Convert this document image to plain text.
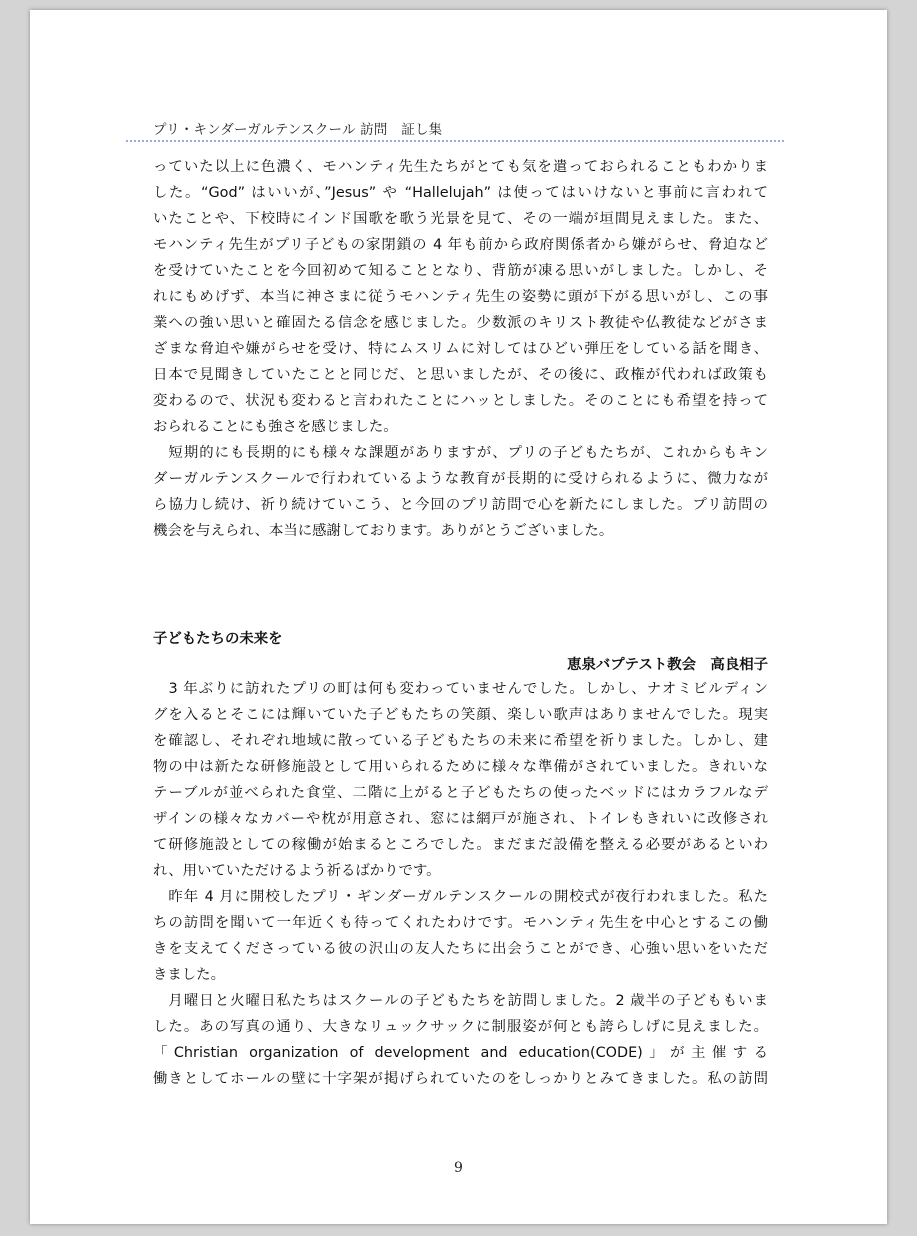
プリ・キンダーガルテンスクール 訪問　証し集
っていた以上に色濃く、モハンティ先生たちがとても気を遣っておられることもわかりま
した。“God” はいいが、”Jesus” や “Hallelujah” は使ってはいけないと事前に言われて
いたことや、下校時にインド国歌を歌う光景を見て、その一端が垣間見えました。また、
モハンティ先生がプリ子どもの家閉鎖の 4 年も前から政府関係者から嫌がらせ、脅迫など
を受けていたことを今回初めて知ることとなり、背筋が凍る思いがしました。しかし、そ
れにもめげず、本当に神さまに従うモハンティ先生の姿勢に頭が下がる思いがし、この事
業への強い思いと確固たる信念を感じました。少数派のキリスト教徒や仏教徒などがさま
ざまな脅迫や嫌がらせを受け、特にムスリムに対してはひどい弾圧をしている話を聞き、
日本で見聞きしていたことと同じだ、と思いましたが、その後に、政権が代われば政策も
変わるので、状況も変わると言われたことにハッとしました。そのことにも希望を持って
おられることにも強さを感じました。
　短期的にも長期的にも様々な課題がありますが、プリの子どもたちが、これからもキン
ダーガルテンスクールで行われているような教育が長期的に受けられるように、微力なが
ら協力し続け、祈り続けていこう、と今回のプリ訪問で心を新たにしました。プリ訪問の
機会を与えられ、本当に感謝しております。ありがとうございました。
子どもたちの未来を
恵泉バプテスト教会　高良相子
　3 年ぶりに訪れたプリの町は何も変わっていませんでした。しかし、ナオミビルディン
グを入るとそこには輝いていた子どもたちの笑顔、楽しい歌声はありませんでした。現実
を確認し、それぞれ地域に散っている子どもたちの未来に希望を祈りました。しかし、建
物の中は新たな研修施設として用いられるために様々な準備がされていました。きれいな
テーブルが並べられた食堂、二階に上がると子どもたちの使ったベッドにはカラフルなデ
ザインの様々なカバーや枕が用意され、窓には網戸が施され、トイレもきれいに改修され
て研修施設としての稼働が始まるところでした。まだまだ設備を整える必要があるといわ
れ、用いていただけるよう祈るばかりです。
　昨年 4 月に開校したプリ・ギンダーガルテンスクールの開校式が夜行われました。私た
ちの訪問を聞いて一年近くも待ってくれたわけです。モハンティ先生を中心とするこの働
きを支えてくださっている彼の沢山の友人たちに出会うことができ、心強い思いをいただ
きました。
　月曜日と火曜日私たちはスクールの子どもたちを訪問しました。2 歳半の子どももいま
した。あの写真の通り、大きなリュックサックに制服姿が何とも誇らしげに見えました。
「Christian organization of development and education(CODE)」が主催する
働きとしてホールの壁に十字架が掲げられていたのをしっかりとみてきました。私の訪問
9
